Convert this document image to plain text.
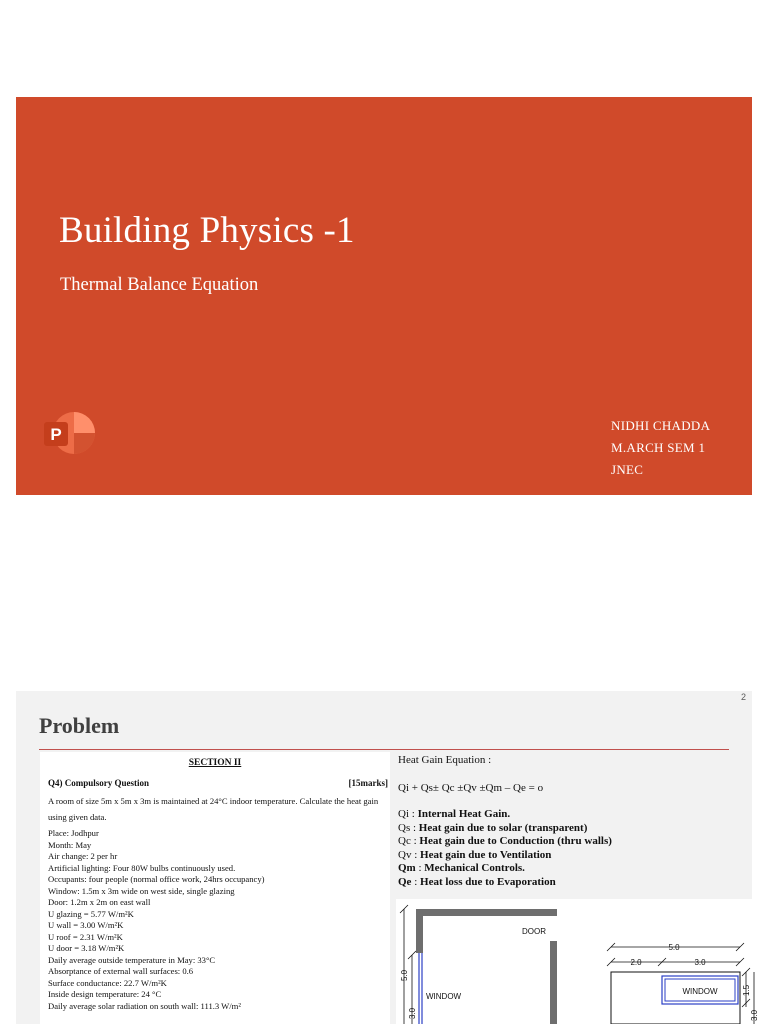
Building Physics -1
Thermal Balance Equation
NIDHI CHADDA
M.ARCH SEM 1
JNEC
P
2
Problem
SECTION II
Q4) Compulsory Question	[15marks]
A room of size 5m x 5m x 3m is maintained at 24°C indoor temperature. Calculate the heat gain using given data.
Place: Jodhpur
Month: May
Air change: 2 per hr
Artificial lighting: Four 80W bulbs continuously used.
Occupants: four people (normal office work, 24hrs occupancy)
Window: 1.5m x 3m wide on west side, single glazing
Door: 1.2m x 2m on east wall
U glazing = 5.77 W/m²K
U wall = 3.00 W/m²K
U roof = 2.31 W/m²K
U door = 3.18 W/m²K
Daily average outside temperature in May: 33°C
Absorptance of external wall surfaces: 0.6
Surface conductance: 22.7 W/m²K
Inside design temperature: 24 °C
Daily average solar radiation on south wall: 111.3 W/m²
Heat Gain Equation :
Qi + Qs± Qc ±Qv ±Qm – Qe = o
Qi : Internal Heat Gain.
Qs : Heat gain due to solar (transparent)
Qc : Heat gain due to Conduction (thru walls)
Qv : Heat gain due to Ventilation
Qm : Mechanical Controls.
Qe : Heat loss due to Evaporation
DOOR
WINDOW
5.0
3.0
5.0
2.0	3.0
WINDOW	1.5
3.0
